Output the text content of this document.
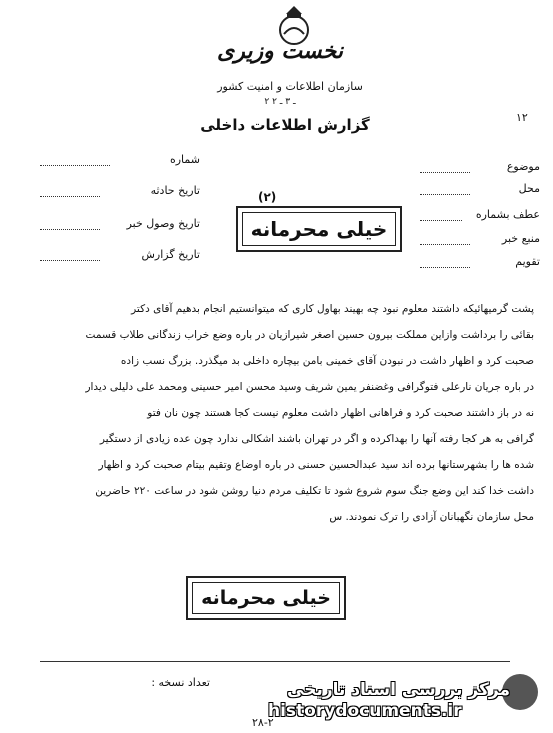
نخست وزیری
سازمان اطلاعات و امنیت کشور
۲ ـ ۳ ـ ۲
گزارش اطلاعات داخلی	۱۲
شماره
تاریخ حادثه
تاریخ وصول خبر
تاریخ گزارش
موضوع
محل
عطف بشماره
منبع خبر
تقویم
(۲)
خیلی محرمانه

پشت گرمیهائیکه داشتند معلوم نبود چه بهیند بهاول کاری که میتوانستیم انجام بدهیم آقای دکتر

بقائی را برداشت وازاین مملکت بیرون حسین اصغر شیرازیان در باره وضع خراب زندگانی طلاب قسمت

صحبت کرد و اظهار داشت در نبودن آقای خمینی بامن بیچاره داخلی بد میگذرد. بزرگ نسب زاده

در باره جریان نارعلی فتوگرافی وغضنفر یمین شریف وسید محسن امیر حسینی ومحمد علی دلیلی دیدار

نه در باز داشتند صحبت کرد و فراهانی اظهار داشت معلوم نیست کجا هستند چون نان فتو

گرافی به هر کجا رفته آنها را بهداکرده و اگر در تهران باشند اشکالی ندارد چون عده زیادی از دستگیر

شده ها را بشهرستانها برده اند سید عبدالحسین حسنی در باره اوضاع وتقیم بیتام صحبت کرد و اظهار

داشت خدا کند این وضع جنگ سوم شروع شود تا تکلیف مردم دنیا روشن شود در ساعت ۲۲۰ حاضرین

محل سازمان نگهبانان آزادی را ترک نمودند. س

خیلی محرمانه
تعداد نسخه :
۲۸-۲
مرکز بررسی اسناد تاریخی
historydocuments.ir
